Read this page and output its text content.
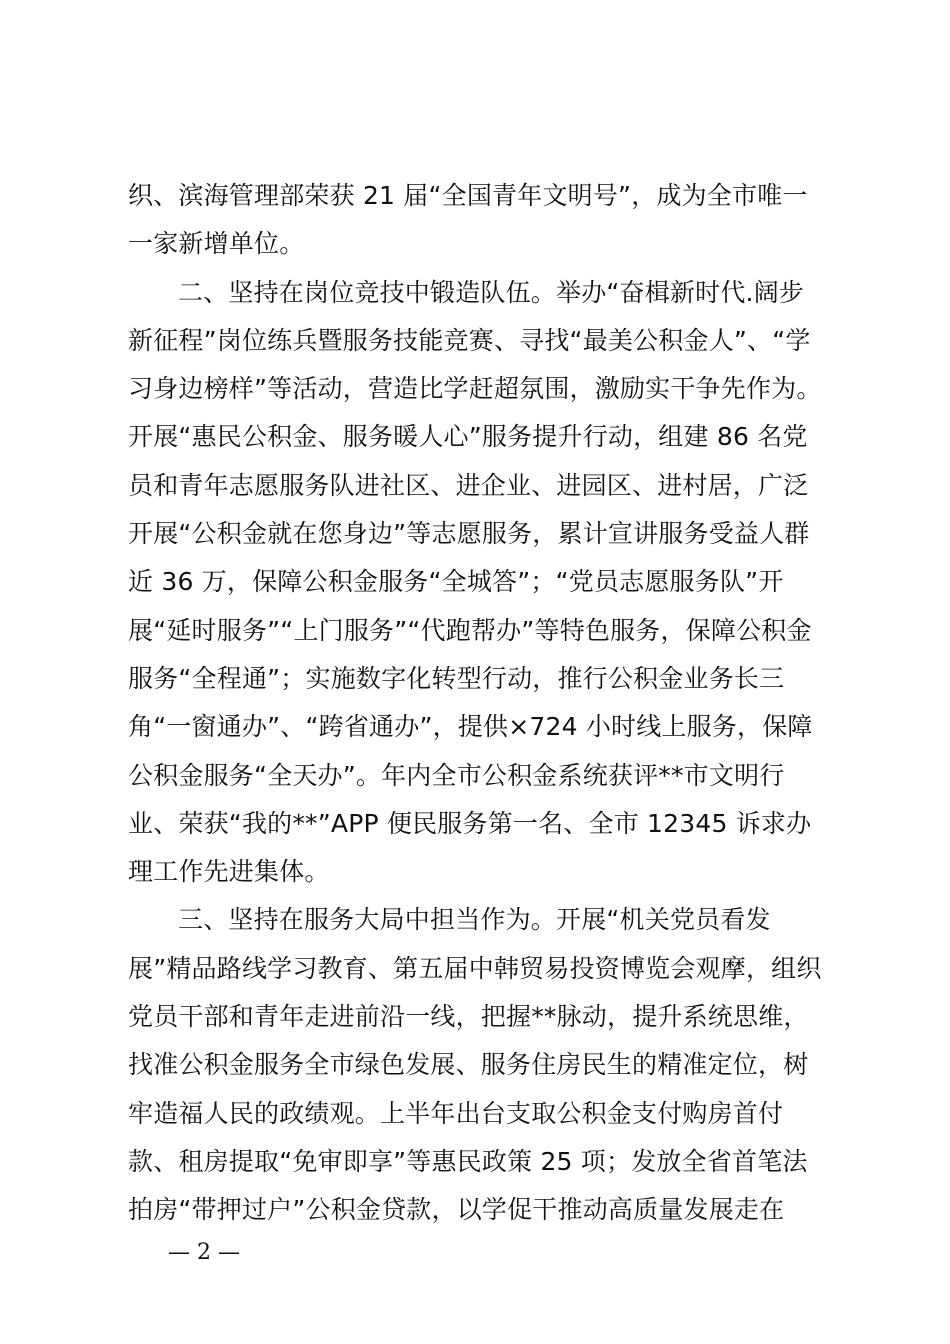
织、滨海管理部荣获 21 届“全国青年文明号”，成为全市唯一
一家新增单位。
二、坚持在岗位竞技中锻造队伍。举办“奋楫新时代.阔步
新征程”岗位练兵暨服务技能竞赛、寻找“最美公积金人”、“学
习身边榜样”等活动，营造比学赶超氛围，激励实干争先作为。
开展“惠民公积金、服务暖人心”服务提升行动，组建 86 名党
员和青年志愿服务队进社区、进企业、进园区、进村居，广泛
开展“公积金就在您身边”等志愿服务，累计宣讲服务受益人群
近 36 万，保障公积金服务“全城答”；“党员志愿服务队”开
展“延时服务”“上门服务”“代跑帮办”等特色服务，保障公积金
服务“全程通”；实施数字化转型行动，推行公积金业务长三
角“一窗通办”、“跨省通办”，提供×724 小时线上服务，保障
公积金服务“全天办”。年内全市公积金系统获评**市文明行
业、荣获“我的**”APP 便民服务第一名、全市 12345 诉求办
理工作先进集体。
三、坚持在服务大局中担当作为。开展“机关党员看发
展”精品路线学习教育、第五届中韩贸易投资博览会观摩，组织
党员干部和青年走进前沿一线，把握**脉动，提升系统思维，
找准公积金服务全市绿色发展、服务住房民生的精准定位，树
牢造福人民的政绩观。上半年出台支取公积金支付购房首付
款、租房提取“免审即享”等惠民政策 25 项；发放全省首笔法
拍房“带押过户”公积金贷款，以学促干推动高质量发展走在
— 2 —
